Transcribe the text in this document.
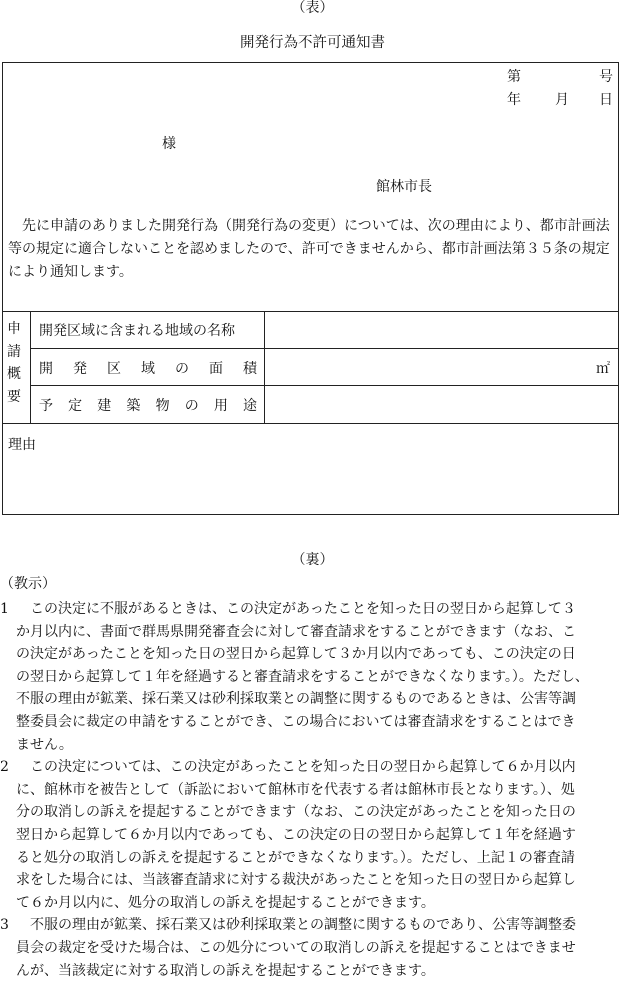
（表）
開発行為不許可通知書
第	号
年 月 日
様
館林市長

先に申請のありました開発行為（開発行為の変更）については、次の理由により、都市計画法等の規定に適合しないことを認めましたので、許可できませんから、都市計画法第３５条の規定により通知します。

申
請
概
要
開発区域に含まれる地域の名称
開 発 区 域 の 面 積	㎡
予 定 建 築 物 の 用 途
理由
（裏）
（教示）
1	この決定に不服があるときは、この決定があったことを知った日の翌日から起算して３
か月以内に、書面で群馬県開発審査会に対して審査請求をすることができます（なお、こ
の決定があったことを知った日の翌日から起算して３か月以内であっても、この決定の日
の翌日から起算して１年を経過すると審査請求をすることができなくなります。）。ただし、
不服の理由が鉱業、採石業又は砂利採取業との調整に関するものであるときは、公害等調
整委員会に裁定の申請をすることができ、この場合においては審査請求をすることはでき
ません。
2	この決定については、この決定があったことを知った日の翌日から起算して６か月以内
に、館林市を被告として（訴訟において館林市を代表する者は館林市長となります。）、処
分の取消しの訴えを提起することができます（なお、この決定があったことを知った日の
翌日から起算して６か月以内であっても、この決定の日の翌日から起算して１年を経過す
ると処分の取消しの訴えを提起することができなくなります。）。ただし、上記１の審査請
求をした場合には、当該審査請求に対する裁決があったことを知った日の翌日から起算し
て６か月以内に、処分の取消しの訴えを提起することができます。
3	不服の理由が鉱業、採石業又は砂利採取業との調整に関するものであり、公害等調整委
員会の裁定を受けた場合は、この処分についての取消しの訴えを提起することはできませ
んが、当該裁定に対する取消しの訴えを提起することができます。
